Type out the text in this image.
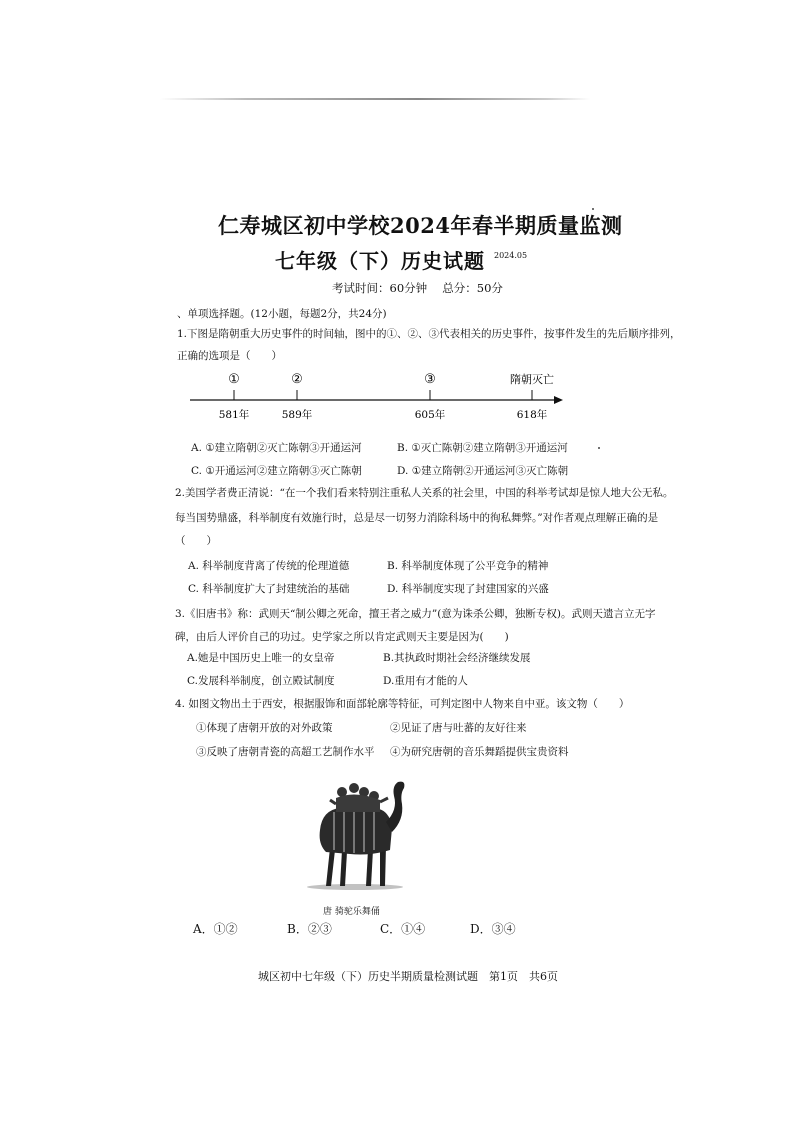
仁寿城区初中学校2024年春半期质量监测
七年级（下）历史试题 2024.05
考试时间：60分钟　 总分：50分
、单项选择题。(12小题，每题2分，共24分)
1.下图是隋朝重大历史事件的时间轴，图中的①、②、③代表相关的历史事件，按事件发生的先后顺序排列，
正确的选项是（　　）
①	②	③	隋朝灭亡
581年	589年	605年	618年
A. ①建立隋朝②灭亡陈朝③开通运河	B. ①灭亡陈朝②建立隋朝③开通运河
C. ①开通运河②建立隋朝③灭亡陈朝	D. ①建立隋朝②开通运河③灭亡陈朝
2.美国学者费正清说：“在一个我们看来特别注重私人关系的社会里，中国的科举考试却是惊人地大公无私。
每当国势鼎盛，科举制度有效施行时，总是尽一切努力消除科场中的徇私舞弊。”对作者观点理解正确的是
（　　）
A. 科举制度背离了传统的伦理道德	B. 科举制度体现了公平竞争的精神
C. 科举制度扩大了封建统治的基础	D. 科举制度实现了封建国家的兴盛
3.《旧唐书》称：武则天“制公卿之死命，擅王者之威力”(意为诛杀公卿，独断专权)。武则天遗言立无字
碑，由后人评价自己的功过。史学家之所以肯定武则天主要是因为(　　)
A.她是中国历史上唯一的女皇帝	B.其执政时期社会经济继续发展
C.发展科举制度，创立殿试制度	D.重用有才能的人
4. 如图文物出土于西安，根据服饰和面部轮廓等特征，可判定图中人物来自中亚。该文物（　　）
①体现了唐朝开放的对外政策	②见证了唐与吐蕃的友好往来
③反映了唐朝青瓷的高超工艺制作水平 ④为研究唐朝的音乐舞蹈提供宝贵资料
唐 骑驼乐舞俑
A．①②	B．②③	C．①④	D．③④
城区初中七年级（下）历史半期质量检测试题　第1页　共6页
